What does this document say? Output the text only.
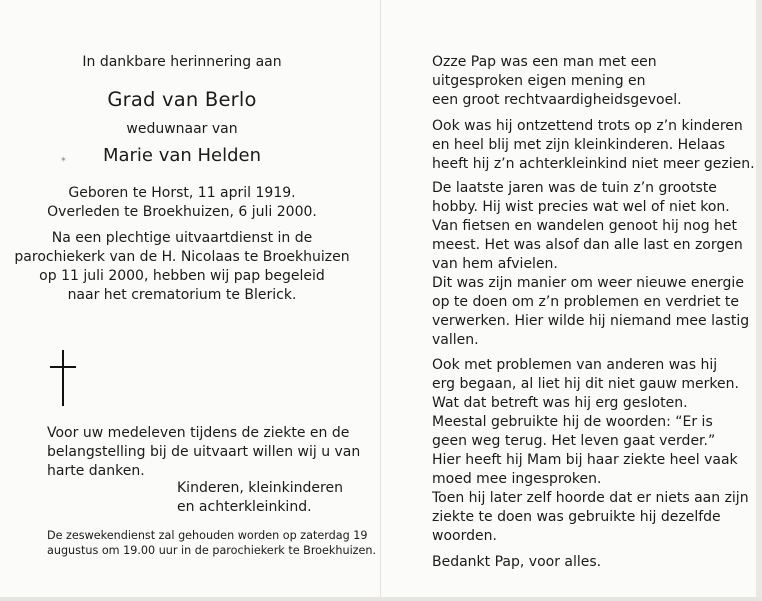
In dankbare herinnering aan
Grad van Berlo
weduwnaar van
Marie van Helden
✶
Geboren te Horst, 11 april 1919.
Overleden te Broekhuizen, 6 juli 2000.
Na een plechtige uitvaartdienst in de
parochiekerk van de H. Nicolaas te Broekhuizen
op 11 juli 2000, hebben wij pap begeleid
naar het crematorium te Blerick.
Voor uw medeleven tijdens de ziekte en de
belangstelling bij de uitvaart willen wij u van
harte danken.
Kinderen, kleinkinderen
en achterkleinkind.
De zeswekendienst zal gehouden worden op zaterdag 19
augustus om 19.00 uur in de parochiekerk te Broekhuizen.
Ozze Pap was een man met een
uitgesproken eigen mening en
een groot rechtvaardigheidsgevoel.
Ook was hij ontzettend trots op z’n kinderen
en heel blij met zijn kleinkinderen. Helaas
heeft hij z’n achterkleinkind niet meer gezien.
De laatste jaren was de tuin z’n grootste
hobby. Hij wist precies wat wel of niet kon.
Van fietsen en wandelen genoot hij nog het
meest. Het was alsof dan alle last en zorgen
van hem afvielen.
Dit was zijn manier om weer nieuwe energie
op te doen om z’n problemen en verdriet te
verwerken. Hier wilde hij niemand mee lastig
vallen.
Ook met problemen van anderen was hij
erg begaan, al liet hij dit niet gauw merken.
Wat dat betreft was hij erg gesloten.
Meestal gebruikte hij de woorden: “Er is
geen weg terug. Het leven gaat verder.”
Hier heeft hij Mam bij haar ziekte heel vaak
moed mee ingesproken.
Toen hij later zelf hoorde dat er niets aan zijn
ziekte te doen was gebruikte hij dezelfde
woorden.
Bedankt Pap, voor alles.
